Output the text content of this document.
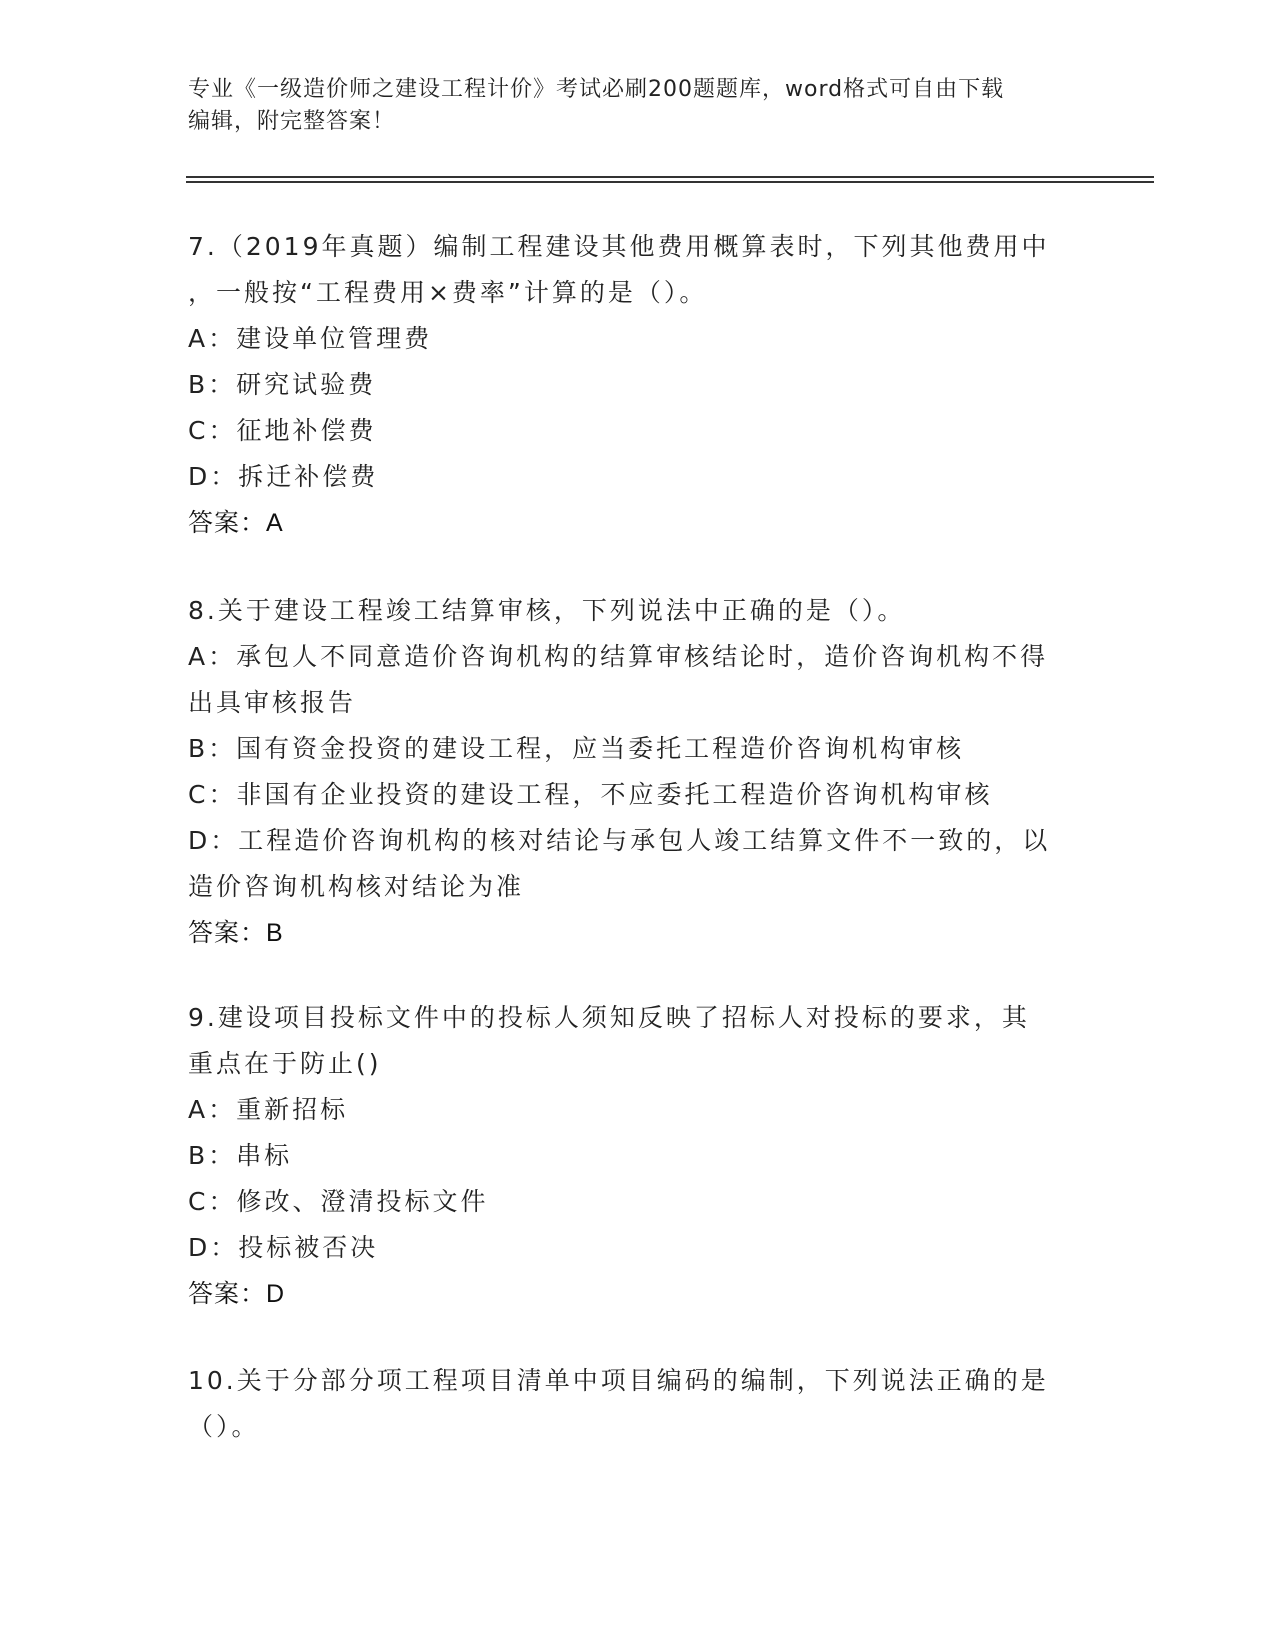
专业《一级造价师之建设工程计价》考试必刷200题题库，word格式可自由下载
编辑，附完整答案！
7.（2019年真题）编制工程建设其他费用概算表时，下列其他费用中
，一般按“工程费用×费率”计算的是（）。
A：建设单位管理费
B：研究试验费
C：征地补偿费
D：拆迁补偿费
答案：A
8.关于建设工程竣工结算审核，下列说法中正确的是（）。
A：承包人不同意造价咨询机构的结算审核结论时，造价咨询机构不得
出具审核报告
B：国有资金投资的建设工程，应当委托工程造价咨询机构审核
C：非国有企业投资的建设工程，不应委托工程造价咨询机构审核
D：工程造价咨询机构的核对结论与承包人竣工结算文件不一致的，以
造价咨询机构核对结论为准
答案：B
9.建设项目投标文件中的投标人须知反映了招标人对投标的要求，其
重点在于防止()
A：重新招标
B：串标
C：修改、澄清投标文件
D：投标被否决
答案：D
10.关于分部分项工程项目清单中项目编码的编制，下列说法正确的是
（）。
